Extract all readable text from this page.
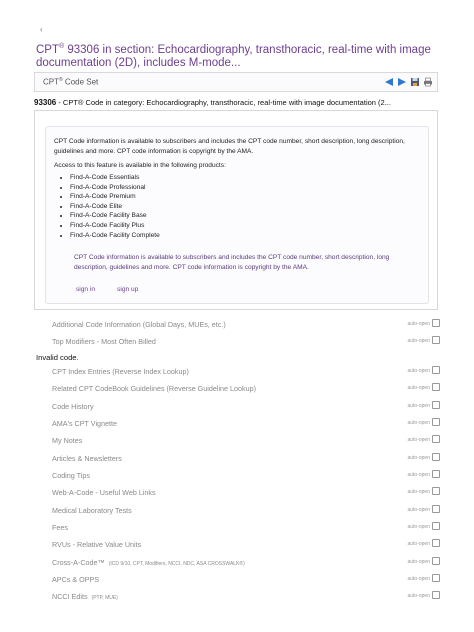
‹
CPT® 93306 in section: Echocardiography, transthoracic, real-time with image documentation (2D), includes M-mode...
CPT® Code Set
93306 - CPT® Code in category: Echocardiography, transthoracic, real-time with image documentation (2...
CPT Code information is available to subscribers and includes the CPT code number, short description, long description, guidelines and more. CPT code information is copyright by the AMA.
Access to this feature is available in the following products:
• Find-A-Code Essentials
• Find-A-Code Professional
• Find-A-Code Premium
• Find-A-Code Elite
• Find-A-Code Facility Base
• Find-A-Code Facility Plus
• Find-A-Code Facility Complete
CPT Code information is available to subscribers and includes the CPT code number, short description, long description, guidelines and more. CPT code information is copyright by the AMA.
sign in	sign up
Additional Code Information (Global Days, MUEs, etc.)	auto-open
Top Modifiers - Most Often Billed	auto-open
Invalid code.
CPT Index Entries (Reverse Index Lookup)	auto-open
Related CPT CodeBook Guidelines (Reverse Guideline Lookup)	auto-open
Code History	auto-open
AMA's CPT Vignette	auto-open
My Notes	auto-open
Articles & Newsletters	auto-open
Coding Tips	auto-open
Web-A-Code - Useful Web Links	auto-open
Medical Laboratory Tests	auto-open
Fees	auto-open
RVUs - Relative Value Units	auto-open
Cross-A-Code™ (ICD 9/10, CPT, Modifiers, NCCI, NDC, ASA CROSSWALK®)	auto-open
APCs & OPPS	auto-open
NCCI Edits (PTP, MUE)	auto-open
